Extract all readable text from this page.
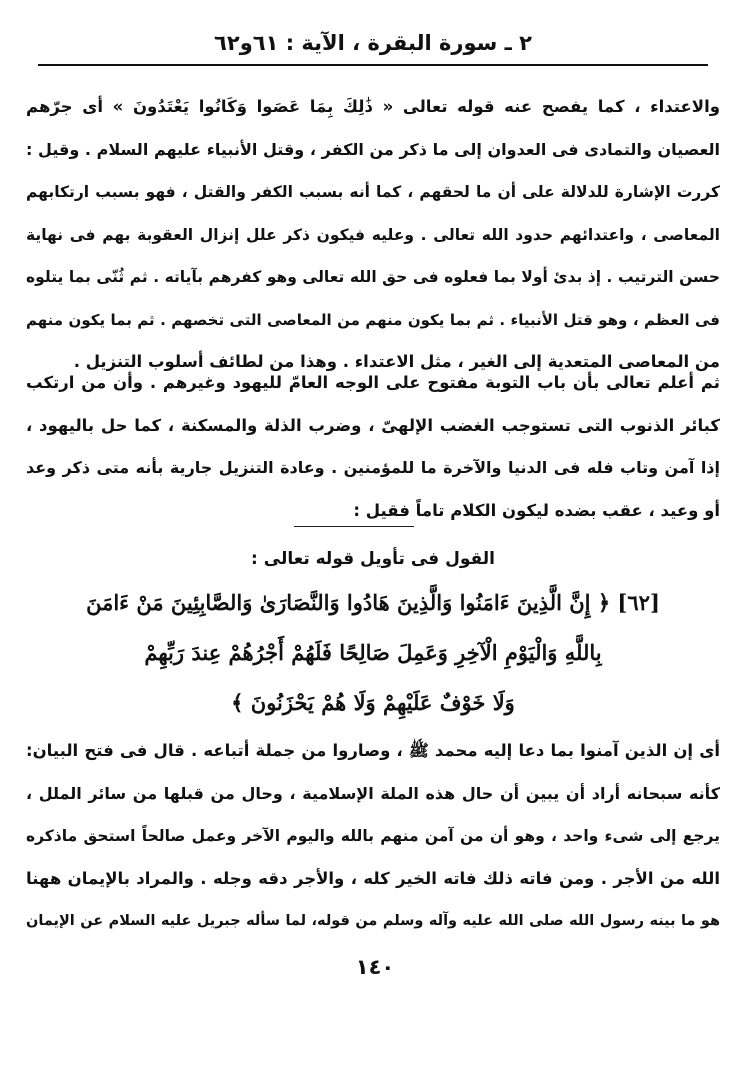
٢ ـ سورة البقرة ، الآية : ٦١و٦٢
والاعتداء ، كما يفصح عنه قوله تعالى « ذَٰلِكَ بِمَا عَصَوا وَكَانُوا يَعْتَدُونَ » أى جرّهم
العصيان والتمادى فى العدوان إلى ما ذكر من الكفر ، وقتل الأنبياء عليهم السلام . وقيل :
كررت الإشارة للدلالة على أن ما لحقهم ، كما أنه بسبب الكفر والقتل ، فهو بسبب ارتكابهم
المعاصى ، واعتدائهم حدود الله تعالى . وعليه فيكون ذكر علل إنزال العقوبة بهم فى نهاية
حسن الترتيب . إذ بدئ أولا بما فعلوه فى حق الله تعالى وهو كفرهم بآياته . ثم ثُنّى بما يتلوه
فى العظم ، وهو قتل الأنبياء . ثم بما يكون منهم من المعاصى التى تخصهم . ثم بما يكون منهم
من المعاصى المتعدية إلى الغير ، مثل الاعتداء . وهذا من لطائف أسلوب التنزيل .
ثم أعلم تعالى بأن باب التوبة مفتوح على الوجه العامّ لليهود وغيرهم . وأن من ارتكب
كبائر الذنوب التى تستوجب الغضب الإلهىّ ، وضرب الذلة والمسكنة ، كما حل باليهود ،
إذا آمن وتاب فله فى الدنيا والآخرة ما للمؤمنين . وعادة التنزيل جارية بأنه متى ذكر وعد
أو وعيد ، عقب بضده ليكون الكلام تاماً فقيل :
القول فى تأويل قوله تعالى :
[٦٢] ﴿ إِنَّ الَّذِينَ ءَامَنُوا وَالَّذِينَ هَادُوا وَالنَّصَارَىٰ وَالصَّابِئِينَ مَنْ ءَامَنَ
بِاللَّهِ وَالْيَوْمِ الْآخِرِ وَعَمِلَ صَالِحًا فَلَهُمْ أَجْرُهُمْ عِندَ رَبِّهِمْ
وَلَا خَوْفٌ عَلَيْهِمْ وَلَا هُمْ يَحْزَنُونَ ﴾
أى إن الذين آمنوا بما دعا إليه محمد ﷺ ، وصاروا من جملة أتباعه . قال فى فتح البيان:
كأنه سبحانه أراد أن يبين أن حال هذه الملة الإسلامية ، وحال من قبلها من سائر الملل ،
يرجع إلى شىء واحد ، وهو أن من آمن منهم بالله واليوم الآخر وعمل صالحاً استحق ماذكره
الله من الأجر . ومن فاته ذلك فاته الخير كله ، والأجر دقه وجله . والمراد بالإيمان ههنا
هو ما بينه رسول الله صلى الله عليه وآله وسلم من قوله، لما سأله جبريل عليه السلام عن الإيمان
١٤٠
